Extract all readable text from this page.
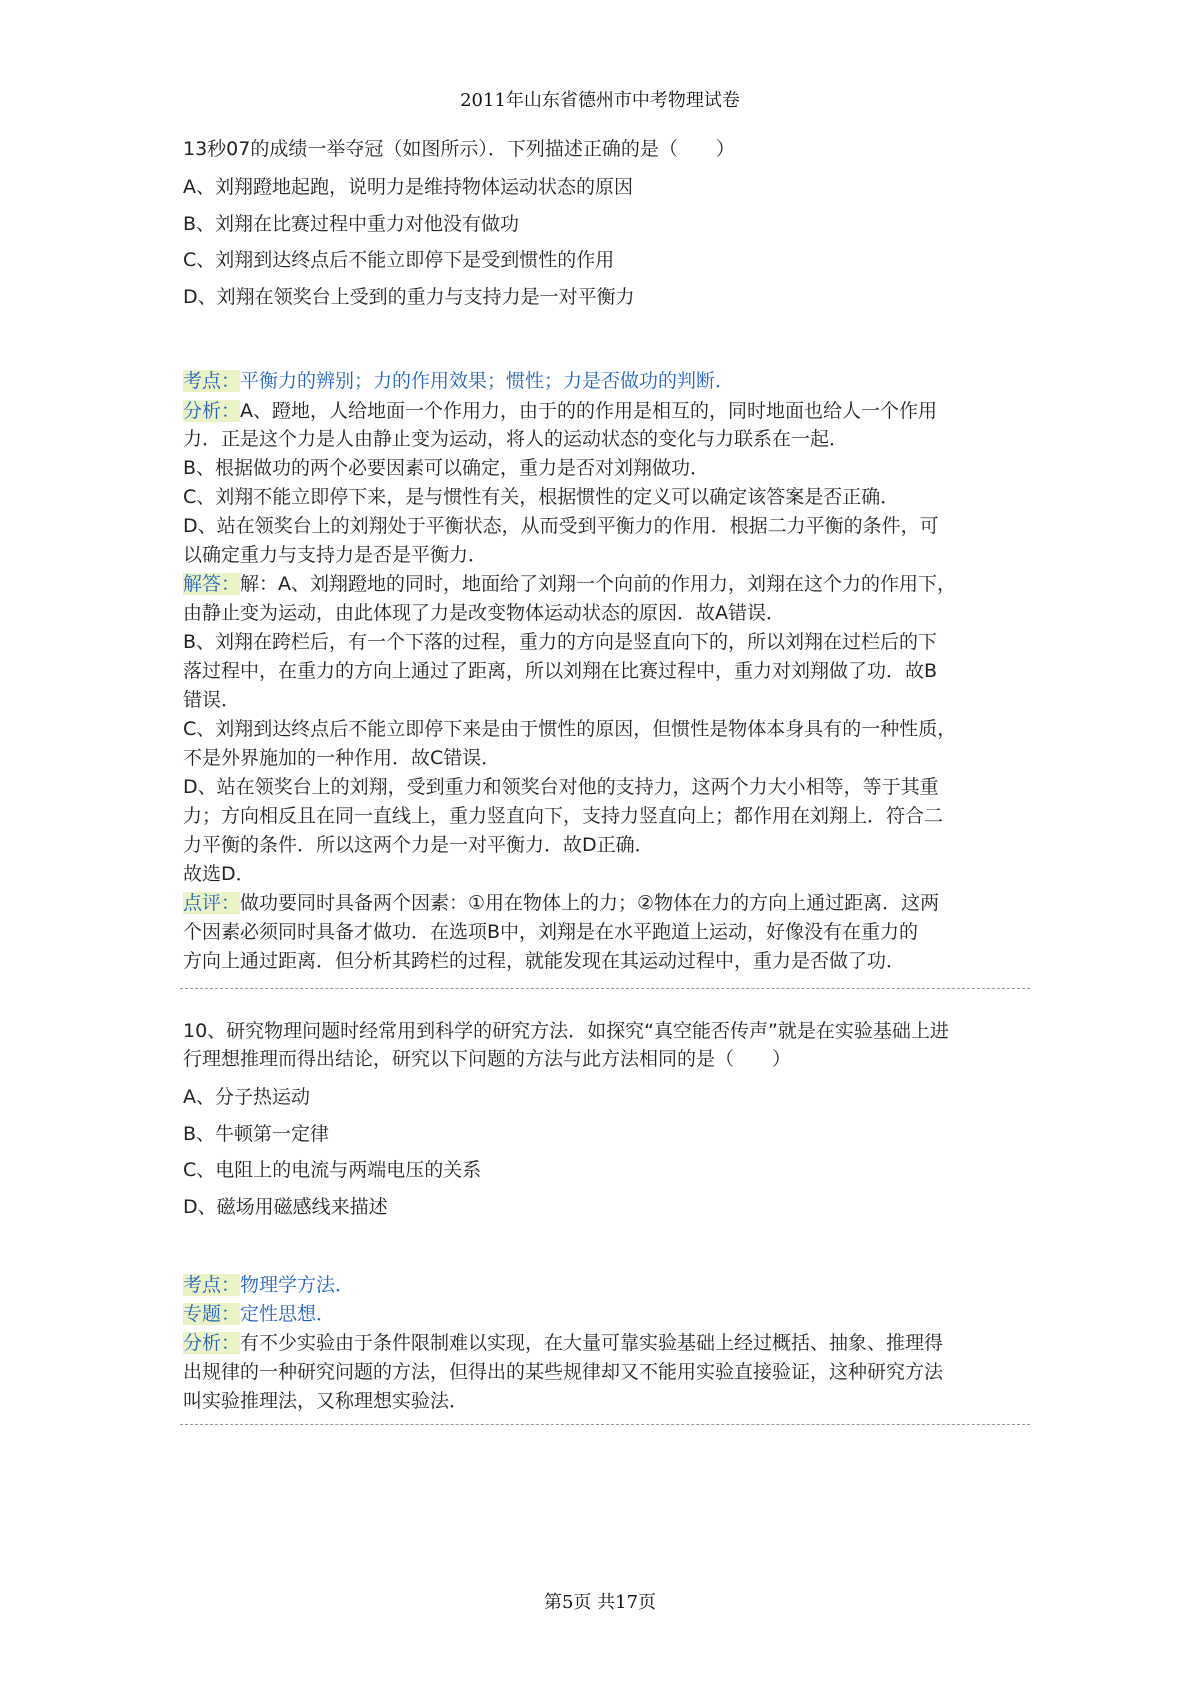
2011年山东省德州市中考物理试卷
13秒07的成绩一举夺冠（如图所示）．下列描述正确的是（　　）
A、刘翔蹬地起跑，说明力是维持物体运动状态的原因
B、刘翔在比赛过程中重力对他没有做功
C、刘翔到达终点后不能立即停下是受到惯性的作用
D、刘翔在领奖台上受到的重力与支持力是一对平衡力
考点：平衡力的辨别；力的作用效果；惯性；力是否做功的判断．
分析：A、蹬地，人给地面一个作用力，由于的的作用是相互的，同时地面也给人一个作用
力．正是这个力是人由静止变为运动，将人的运动状态的变化与力联系在一起．
B、根据做功的两个必要因素可以确定，重力是否对刘翔做功．
C、刘翔不能立即停下来，是与惯性有关，根据惯性的定义可以确定该答案是否正确．
D、站在领奖台上的刘翔处于平衡状态，从而受到平衡力的作用．根据二力平衡的条件，可
以确定重力与支持力是否是平衡力．
解答：解：A、刘翔蹬地的同时，地面给了刘翔一个向前的作用力，刘翔在这个力的作用下，
由静止变为运动，由此体现了力是改变物体运动状态的原因．故A错误．
B、刘翔在跨栏后，有一个下落的过程，重力的方向是竖直向下的，所以刘翔在过栏后的下
落过程中，在重力的方向上通过了距离，所以刘翔在比赛过程中，重力对刘翔做了功．故B
错误．
C、刘翔到达终点后不能立即停下来是由于惯性的原因，但惯性是物体本身具有的一种性质，
不是外界施加的一种作用．故C错误．
D、站在领奖台上的刘翔，受到重力和领奖台对他的支持力，这两个力大小相等，等于其重
力；方向相反且在同一直线上，重力竖直向下，支持力竖直向上；都作用在刘翔上．符合二
力平衡的条件．所以这两个力是一对平衡力．故D正确．
故选D．
点评：做功要同时具备两个因素：①用在物体上的力；②物体在力的方向上通过距离．这两
个因素必须同时具备才做功．在选项B中，刘翔是在水平跑道上运动，好像没有在重力的
方向上通过距离．但分析其跨栏的过程，就能发现在其运动过程中，重力是否做了功．
10、研究物理问题时经常用到科学的研究方法．如探究“真空能否传声”就是在实验基础上进
行理想推理而得出结论，研究以下问题的方法与此方法相同的是（　　）
A、分子热运动
B、牛顿第一定律
C、电阻上的电流与两端电压的关系
D、磁场用磁感线来描述
考点：物理学方法．
专题：定性思想．
分析：有不少实验由于条件限制难以实现，在大量可靠实验基础上经过概括、抽象、推理得
出规律的一种研究问题的方法，但得出的某些规律却又不能用实验直接验证，这种研究方法
叫实验推理法，又称理想实验法．
第5页 共17页
